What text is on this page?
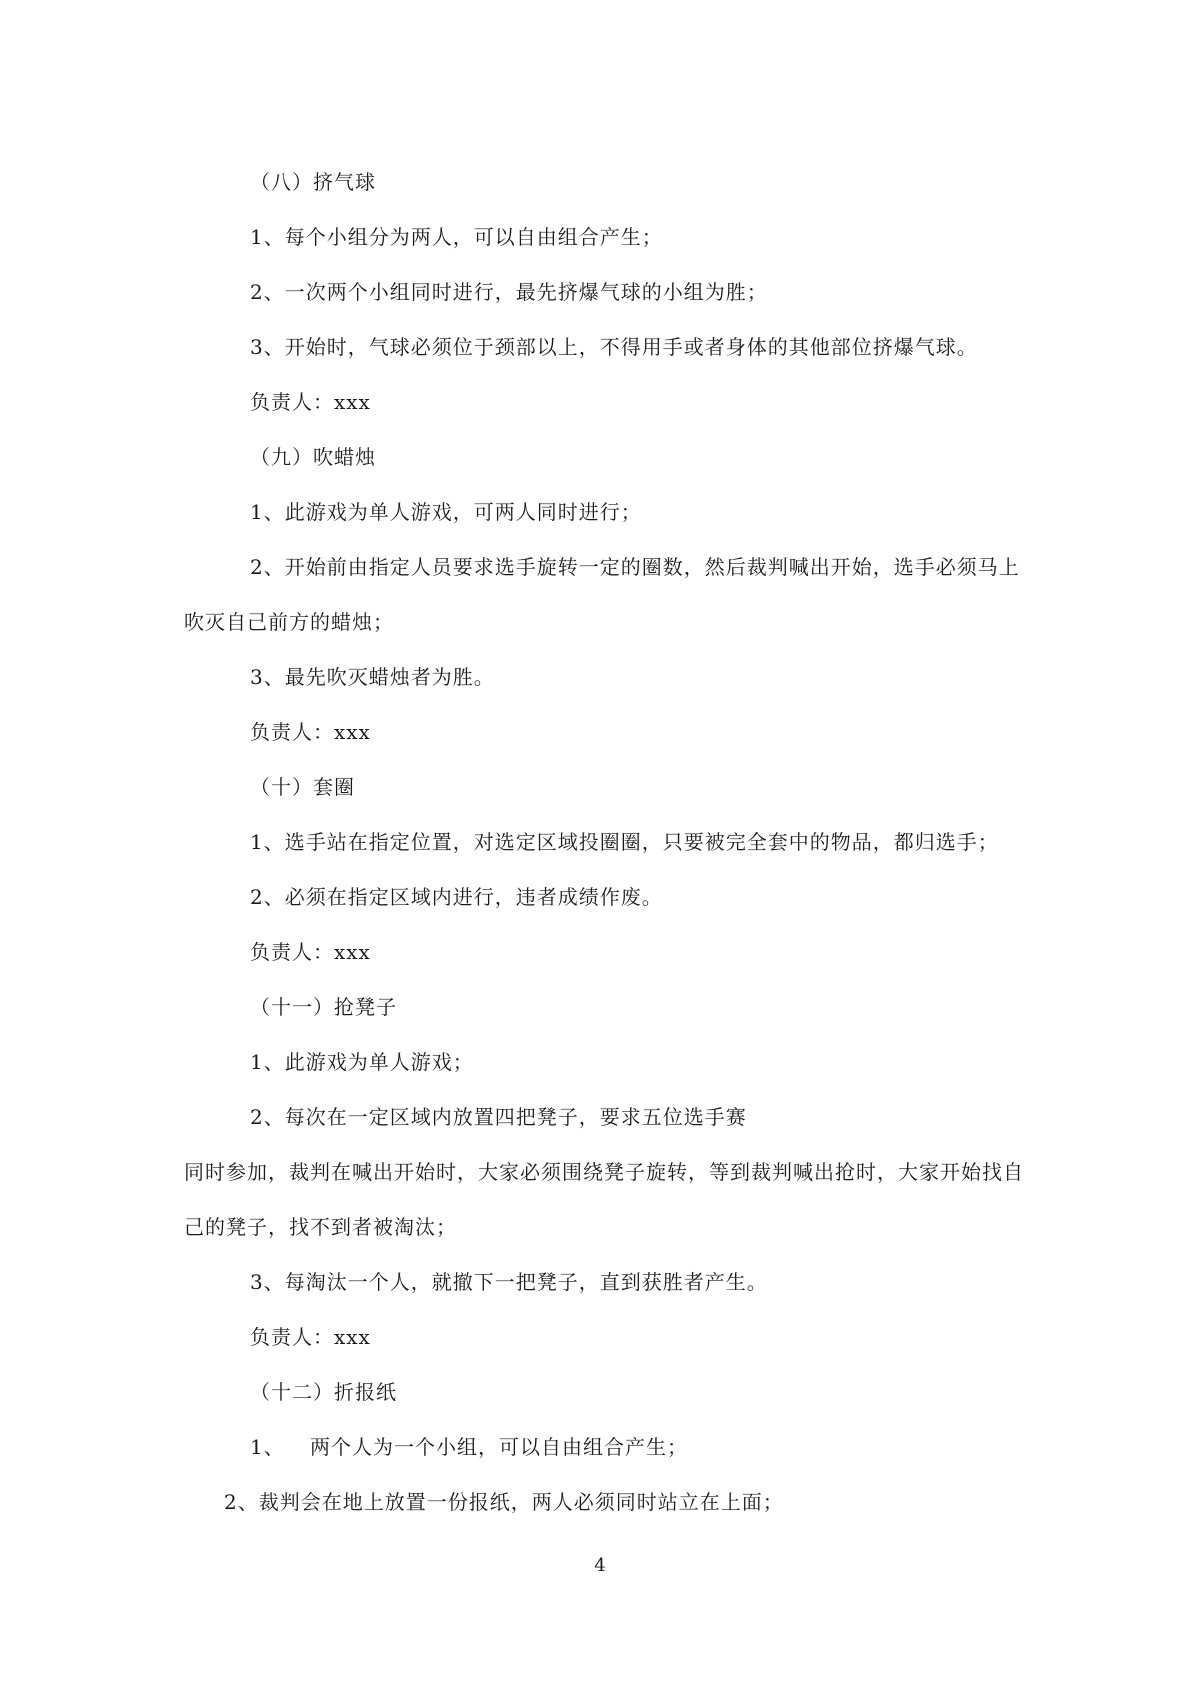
（八）挤气球
1、每个小组分为两人，可以自由组合产生；
2、一次两个小组同时进行，最先挤爆气球的小组为胜；
3、开始时，气球必须位于颈部以上，不得用手或者身体的其他部位挤爆气球。
负责人：xxx
（九）吹蜡烛
1、此游戏为单人游戏，可两人同时进行；
2、开始前由指定人员要求选手旋转一定的圈数，然后裁判喊出开始，选手必须马上
吹灭自己前方的蜡烛；
3、最先吹灭蜡烛者为胜。
负责人：xxx
（十）套圈
1、选手站在指定位置，对选定区域投圈圈，只要被完全套中的物品，都归选手；
2、必须在指定区域内进行，违者成绩作废。
负责人：xxx
（十一）抢凳子
1、此游戏为单人游戏；
2、每次在一定区域内放置四把凳子，要求五位选手赛
同时参加，裁判在喊出开始时，大家必须围绕凳子旋转，等到裁判喊出抢时，大家开始找自
己的凳子，找不到者被淘汰；
3、每淘汰一个人，就撤下一把凳子，直到获胜者产生。
负责人：xxx
（十二）折报纸
1、 两个人为一个小组，可以自由组合产生；
2、裁判会在地上放置一份报纸，两人必须同时站立在上面；
4
